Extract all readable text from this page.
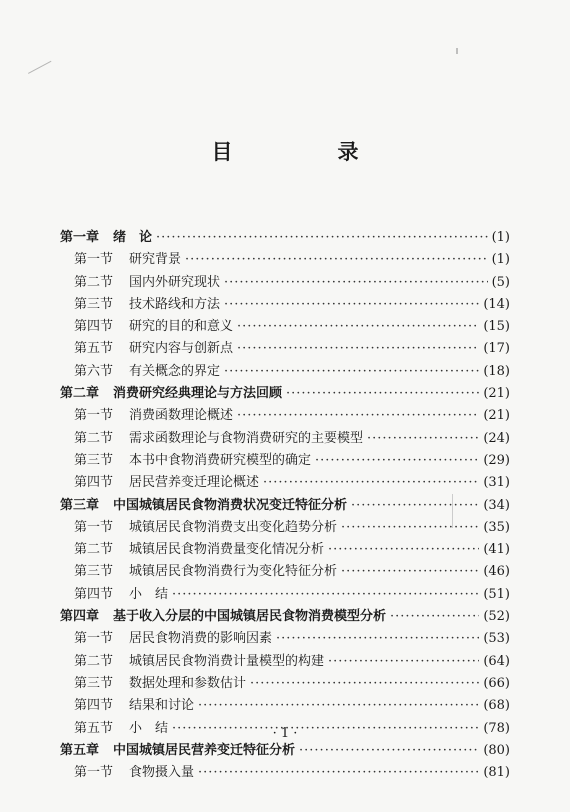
目　录
第一章 绪　论 ·····	(1)
第一节 研究背景 ·····	(1)
第二节 国内外研究现状 ·····	(5)
第三节 技术路线和方法 ·····	(14)
第四节 研究的目的和意义 ·····	(15)
第五节 研究内容与创新点 ·····	(17)
第六节 有关概念的界定 ·····	(18)
第二章 消费研究经典理论与方法回顾 ·····	(21)
第一节 消费函数理论概述 ·····	(21)
第二节 需求函数理论与食物消费研究的主要模型 ·····	(24)
第三节 本书中食物消费研究模型的确定 ·····	(29)
第四节 居民营养变迁理论概述 ·····	(31)
第三章 中国城镇居民食物消费状况变迁特征分析 ·····	(34)
第一节 城镇居民食物消费支出变化趋势分析 ·····	(35)
第二节 城镇居民食物消费量变化情况分析 ·····	(41)
第三节 城镇居民食物消费行为变化特征分析 ·····	(46)
第四节 小　结 ·····	(51)
第四章 基于收入分层的中国城镇居民食物消费模型分析 ·····	(52)
第一节 居民食物消费的影响因素 ·····	(53)
第二节 城镇居民食物消费计量模型的构建 ·····	(64)
第三节 数据处理和参数估计 ·····	(66)
第四节 结果和讨论 ·····	(68)
第五节 小　结 ·····	(78)
第五章 中国城镇居民营养变迁特征分析 ·····	(80)
第一节 食物摄入量 ·····	(81)
· 1 ·
